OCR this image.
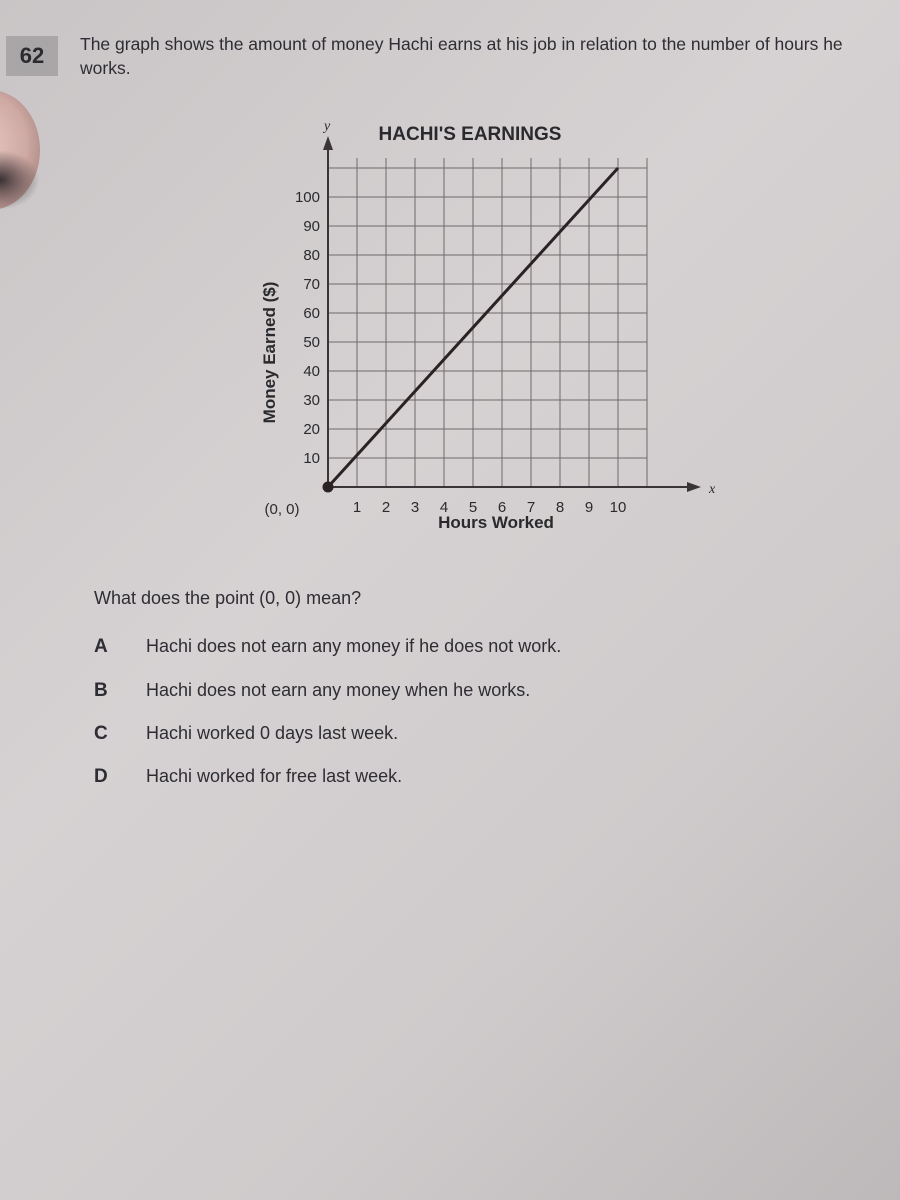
62	The graph shows the amount of money Hachi earns at his job in relation to the number of hours he works.
x
y	HACHI'S EARNINGS
1 2 3 4 5 6 7 8 9 10
10
20
30
40
50
60
70
80
90
100
(0, 0)
Hours Worked
Money Earned ($)
What does the point (0, 0) mean?
A Hachi does not earn any money if he does not work.
B Hachi does not earn any money when he works.
C Hachi worked 0 days last week.
D Hachi worked for free last week.
